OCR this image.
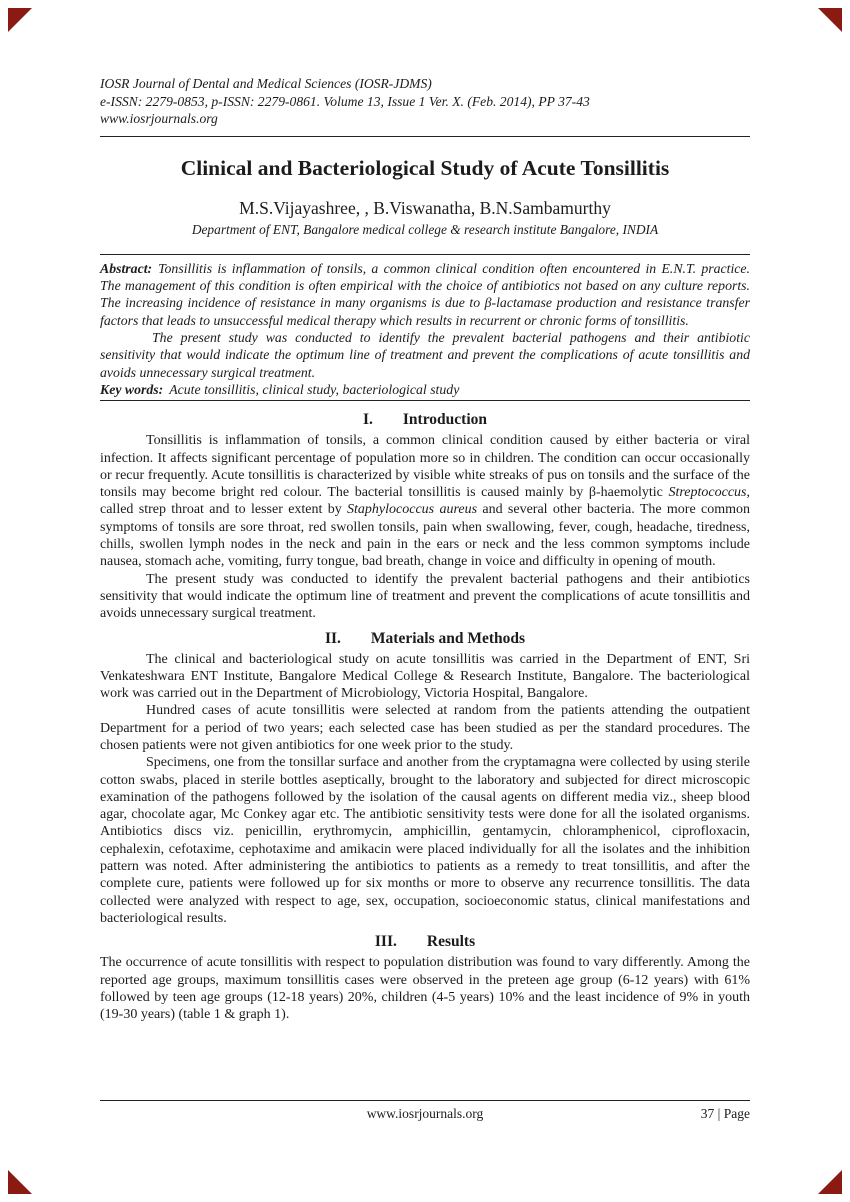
IOSR Journal of Dental and Medical Sciences (IOSR-JDMS)
e-ISSN: 2279-0853, p-ISSN: 2279-0861. Volume 13, Issue 1 Ver. X. (Feb. 2014), PP 37-43
www.iosrjournals.org
Clinical and Bacteriological Study of Acute Tonsillitis
M.S.Vijayashree, , B.Viswanatha, B.N.Sambamurthy
Department of ENT, Bangalore medical college & research institute Bangalore, INDIA

Abstract: Tonsillitis is inflammation of tonsils, a common clinical condition often encountered in E.N.T. practice. The management of this condition is often empirical with the choice of antibiotics not based on any culture reports. The increasing incidence of resistance in many organisms is due to β-lactamase production and resistance transfer factors that leads to unsuccessful medical therapy which results in recurrent or chronic forms of tonsillitis.

The present study was conducted to identify the prevalent bacterial pathogens and their antibiotic sensitivity that would indicate the optimum line of treatment and prevent the complications of acute tonsillitis and avoids unnecessary surgical treatment.

Key words: Acute tonsillitis, clinical study, bacteriological study

I. Introduction

Tonsillitis is inflammation of tonsils, a common clinical condition caused by either bacteria or viral infection. It affects significant percentage of population more so in children. The condition can occur occasionally or recur frequently. Acute tonsillitis is characterized by visible white streaks of pus on tonsils and the surface of the tonsils may become bright red colour. The bacterial tonsillitis is caused mainly by β-haemolytic Streptococcus, called strep throat and to lesser extent by Staphylococcus aureus and several other bacteria. The more common symptoms of tonsils are sore throat, red swollen tonsils, pain when swallowing, fever, cough, headache, tiredness, chills, swollen lymph nodes in the neck and pain in the ears or neck and the less common symptoms include nausea, stomach ache, vomiting, furry tongue, bad breath, change in voice and difficulty in opening of mouth.

The present study was conducted to identify the prevalent bacterial pathogens and their antibiotics sensitivity that would indicate the optimum line of treatment and prevent the complications of acute tonsillitis and avoids unnecessary surgical treatment.

II. Materials and Methods

The clinical and bacteriological study on acute tonsillitis was carried in the Department of ENT, Sri Venkateshwara ENT Institute, Bangalore Medical College & Research Institute, Bangalore. The bacteriological work was carried out in the Department of Microbiology, Victoria Hospital, Bangalore.

Hundred cases of acute tonsillitis were selected at random from the patients attending the outpatient Department for a period of two years; each selected case has been studied as per the standard procedures. The chosen patients were not given antibiotics for one week prior to the study.

Specimens, one from the tonsillar surface and another from the cryptamagna were collected by using sterile cotton swabs, placed in sterile bottles aseptically, brought to the laboratory and subjected for direct microscopic examination of the pathogens followed by the isolation of the causal agents on different media viz., sheep blood agar, chocolate agar, Mc Conkey agar etc. The antibiotic sensitivity tests were done for all the isolated organisms. Antibiotics discs viz. penicillin, erythromycin, amphicillin, gentamycin, chloramphenicol, ciprofloxacin, cephalexin, cefotaxime, cephotaxime and amikacin were placed individually for all the isolates and the inhibition pattern was noted. After administering the antibiotics to patients as a remedy to treat tonsillitis, and after the complete cure, patients were followed up for six months or more to observe any recurrence tonsillitis. The data collected were analyzed with respect to age, sex, occupation, socioeconomic status, clinical manifestations and bacteriological results.

III. Results

The occurrence of acute tonsillitis with respect to population distribution was found to vary differently. Among the reported age groups, maximum tonsillitis cases were observed in the preteen age group (6-12 years) with 61% followed by teen age groups (12-18 years) 20%, children (4-5 years) 10% and the least incidence of 9% in youth (19-30 years) (table 1 & graph 1).

www.iosrjournals.org	37 | Page
